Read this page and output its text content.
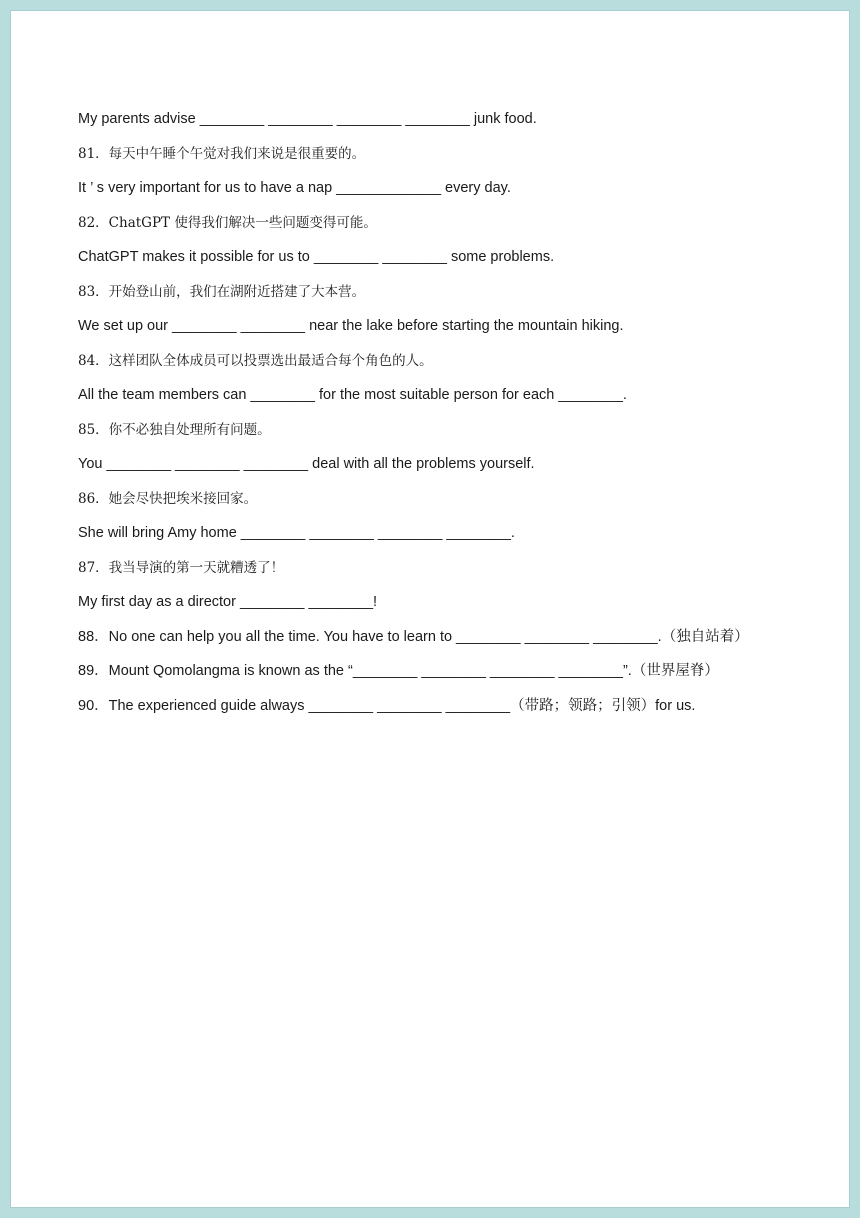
My parents advise ________ ________ ________ ________ junk food.
81．每天中午睡个午觉对我们来说是很重要的。
It ’ s very important for us to have a nap _____________ every day.
82．ChatGPT 使得我们解决一些问题变得可能。
ChatGPT makes it possible for us to ________ ________ some problems.
83．开始登山前，我们在湖附近搭建了大本营。
We set up our ________ ________ near the lake before starting the mountain hiking.
84．这样团队全体成员可以投票选出最适合每个角色的人。
All the team members can ________ for the most suitable person for each ________.
85．你不必独自处理所有问题。
You ________ ________ ________ deal with all the problems yourself.
86．她会尽快把埃米接回家。
She will bring Amy home ________ ________ ________ ________.
87．我当导演的第一天就糟透了！
My first day as a director ________ ________!
88．No one can help you all the time. You have to learn to ________ ________ ________.（独自站着）
89．Mount Qomolangma is known as the “________ ________ ________ ________”.（世界屋脊）
90．The experienced guide always ________ ________ ________（带路；领路；引领）for us.
